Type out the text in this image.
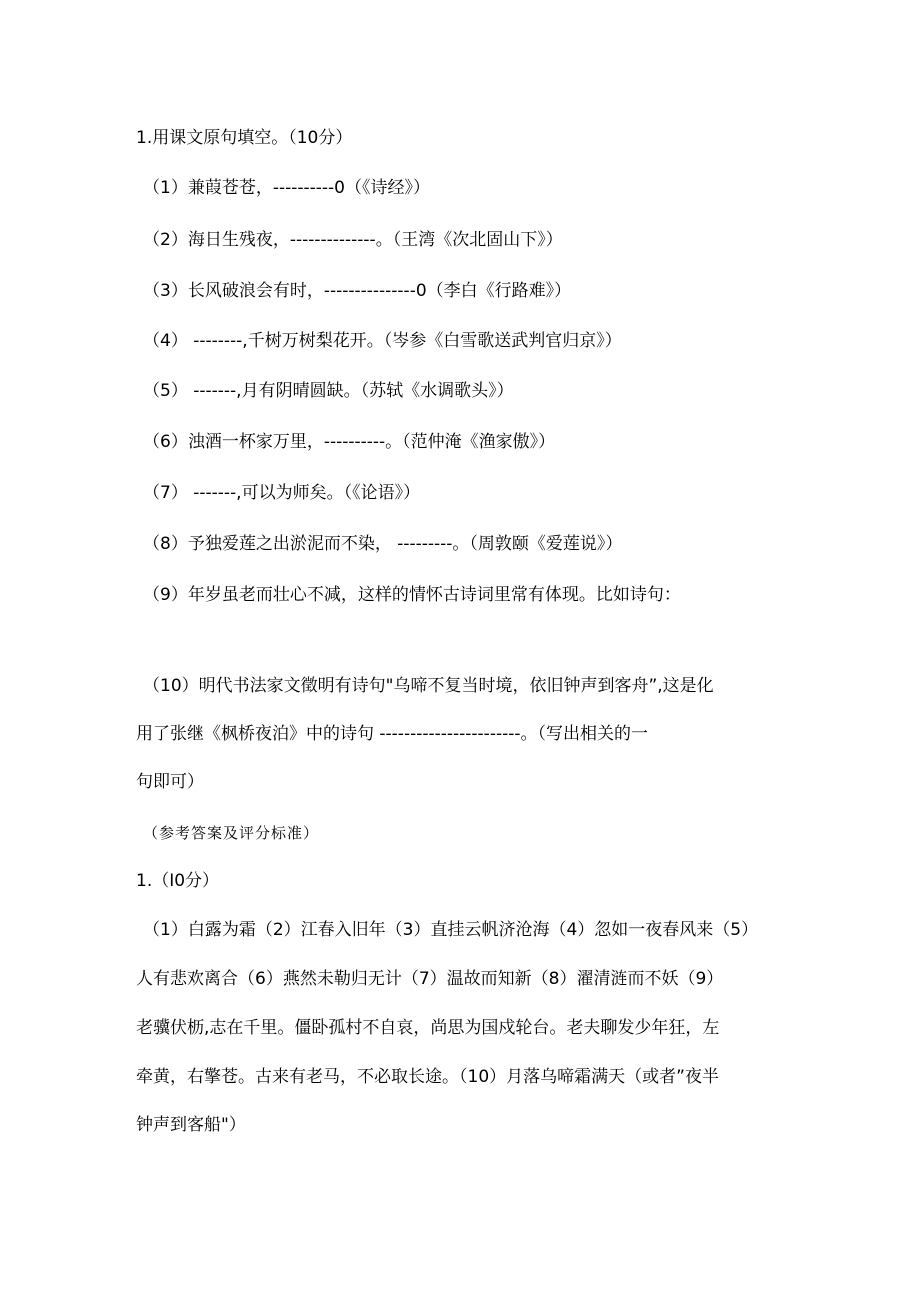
1.用课文原句填空。（10分）
（1）兼葭苍苍，----------0（《诗经》）
（2）海日生残夜，--------------。（王湾《次北固山下》）
（3）长风破浪会有时，---------------0（李白《行路难》）
（4） --------,千树万树梨花开。（岑参《白雪歌送武判官归京》）
（5） -------,月有阴晴圆缺。（苏轼《水调歌头》）
（6）浊酒一杯家万里，----------。（范仲淹《渔家傲》）
（7） -------,可以为师矣。（《论语》）
（8）予独爱莲之出淤泥而不染， ---------。（周敦颐《爱莲说》）
（9）年岁虽老而壮心不减，这样的情怀古诗词里常有体现。比如诗句：
（10）明代书法家文徵明有诗句"乌啼不复当时境，依旧钟声到客舟”,这是化
用了张继《枫桥夜泊》中的诗句 -----------------------。（写出相关的一
句即可）
（参考答案及评分标准）
1.（I0分）
（1）白露为霜（2）江春入旧年（3）直挂云帆济沧海（4）忽如一夜春风来（5）
人有悲欢离合（6）燕然未勒归无计（7）温故而知新（8）濯清涟而不妖（9）
老骥伏枥,志在千里。僵卧孤村不自哀，尚思为国戍轮台。老夫聊发少年狂，左
牵黄，右擎苍。古来有老马，不必取长途。（10）月落乌啼霜满天（或者”夜半
钟声到客船"）
